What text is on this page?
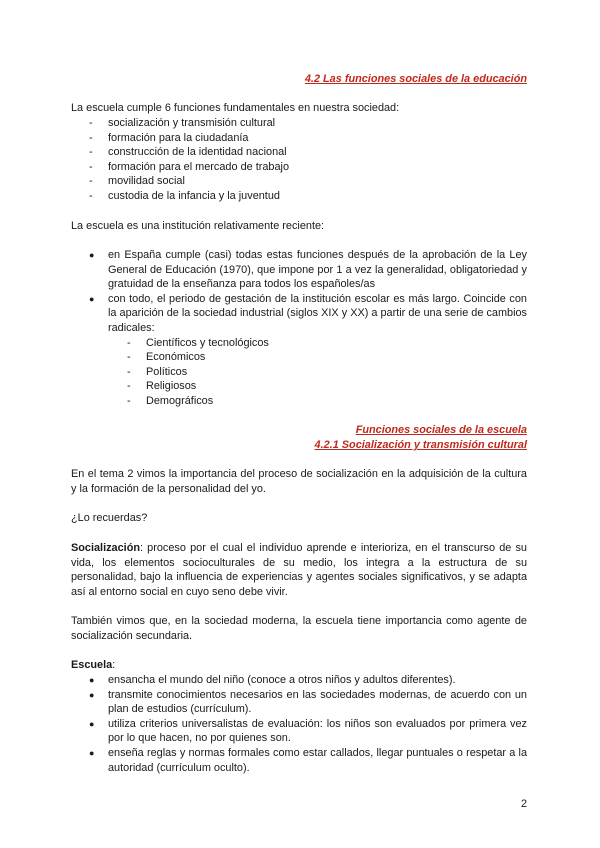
4.2 Las funciones sociales de la educación
La escuela cumple 6 funciones fundamentales en nuestra sociedad:
- socialización y transmisión cultural
- formación para la ciudadanía
- construcción de la identidad nacional
- formación para el mercado de trabajo
- movilidad social
- custodia de la infancia y la juventud
La escuela es una institución relativamente reciente:
● en España cumple (casi) todas estas funciones después de la aprobación de la Ley General de Educación (1970), que impone por 1 a vez la generalidad, obligatoriedad y gratuidad de la enseñanza para todos los españoles/as
● con todo, el periodo de gestación de la institución escolar es más largo. Coincide con la aparición de la sociedad industrial (siglos XIX y XX) a partir de una serie de cambios radicales:
- Científicos y tecnológicos
- Económicos
- Políticos
- Religiosos
- Demográficos
Funciones sociales de la escuela
4.2.1 Socialización y transmisión cultural
En el tema 2 vimos la importancia del proceso de socialización en la adquisición de la cultura y la formación de la personalidad del yo.
¿Lo recuerdas?
Socialización: proceso por el cual el individuo aprende e interioriza, en el transcurso de su vida, los elementos socioculturales de su medio, los integra a la estructura de su personalidad, bajo la influencia de experiencias y agentes sociales significativos, y se adapta así al entorno social en cuyo seno debe vivir.
También vimos que, en la sociedad moderna, la escuela tiene importancia como agente de socialización secundaria.
Escuela:
● ensancha el mundo del niño (conoce a otros niños y adultos diferentes).
● transmite conocimientos necesarios en las sociedades modernas, de acuerdo con un plan de estudios (currículum).
● utiliza criterios universalistas de evaluación: los niños son evaluados por primera vez por lo que hacen, no por quienes son.
● enseña reglas y normas formales como estar callados, llegar puntuales o respetar a la autoridad (currículum oculto).
2
